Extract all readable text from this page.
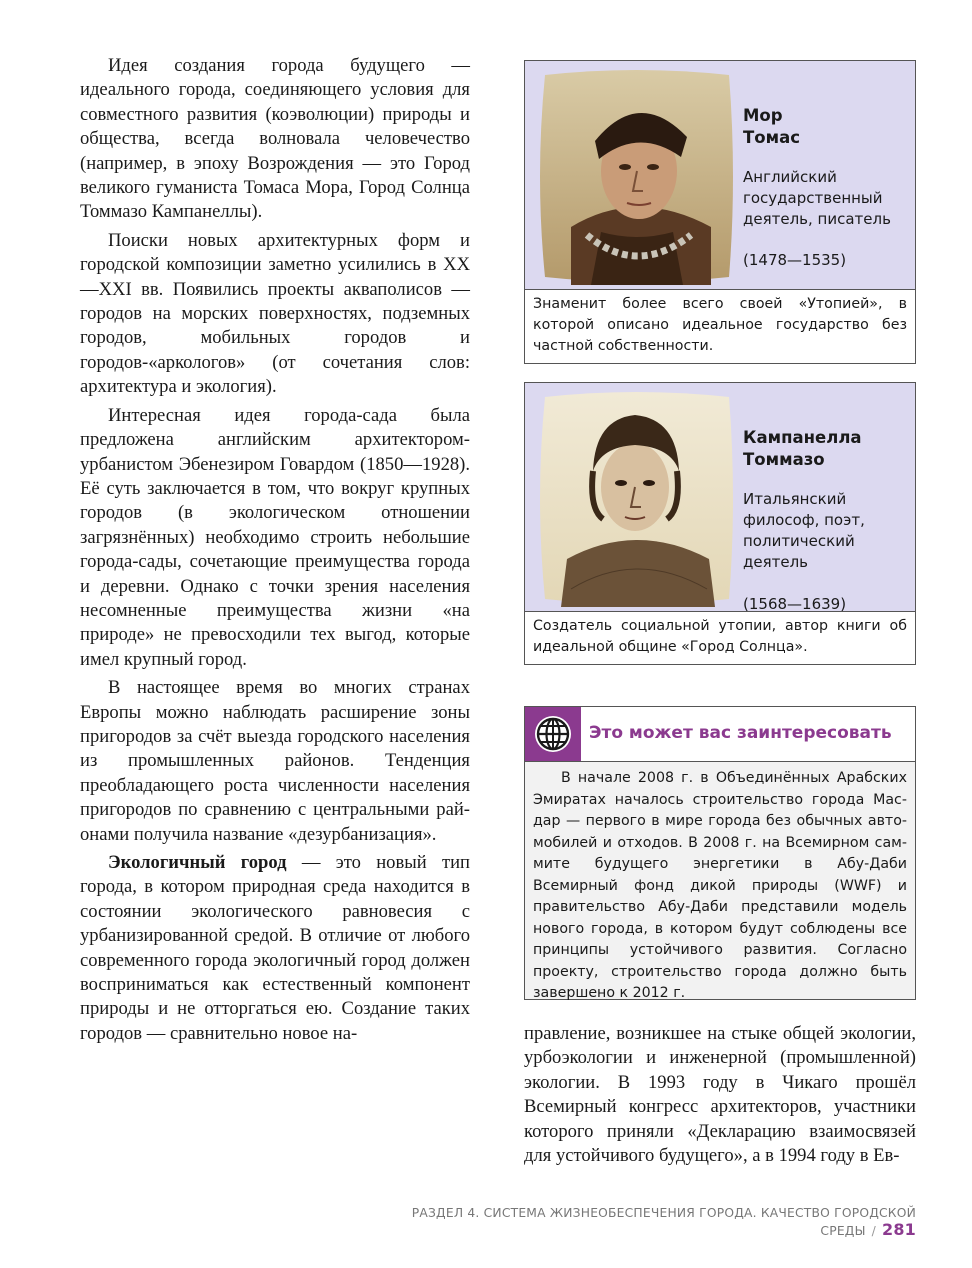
Идея создания города будущего — идеального города, соединяющего условия для совместного развития (коэволюции) природы и общества, всегда волновала человечество (например, в эпоху Возрождения — это Город великого гуманиста Томаса Мора, Город Солнца Томмазо Кампанеллы).

Поиски новых архитектурных форм и городской композиции заметно усилились в XX—XXI вв. Появились проекты акваполисов — городов на морских поверхностях, подземных городов, мобильных городов и городов-«аркологов» (от сочетания слов: архитектура и экология).

Интересная идея города-сада была предложена английским архитектором-урбанистом Эбенезиром Говардом (1850—1928). Её суть заключается в том, что вокруг крупных городов (в экологическом отношении загрязнённых) необходимо строить небольшие города-сады, сочетающие преимущества города и деревни. Однако с точки зрения населения несомненные преимущества жизни «на природе» не превосходили тех выгод, которые имел крупный город.

В настоящее время во многих странах Европы можно наблюдать расширение зоны пригородов за счёт выезда городского населения из промышленных районов. Тенденция преобладающего роста численности населения пригородов по сравнению с центральными районами получила название «дезурбанизация».

Экологичный город — это новый тип города, в котором природная среда находится в состоянии экологического равновесия с урбанизированной средой. В отличие от любого современного города экологичный город должен восприниматься как естественный компонент природы и не отторгаться ею. Создание таких городов — сравнительно новое на-

Мор
Томас
Английский государственный деятель, писатель
(1478—1535)
Знаменит более всего своей «Утопией», в которой описано идеальное государство без частной собственности.
Кампанелла
Томмазо
Итальянский философ, поэт, политический деятель
(1568—1639)
Создатель социальной утопии, автор книги об идеальной общине «Город Солнца».
Это может вас заинтересовать
В начале 2008 г. в Объединённых Арабских Эмиратах началось строительство города Масдар — первого в мире города без обычных автомобилей и отходов. В 2008 г. на Всемирном саммите будущего энергетики в Абу-Даби Всемирный фонд дикой природы (WWF) и правительство Абу-Даби представили модель нового города, в котором будут соблюдены все принципы устойчивого развития. Согласно проекту, строительство города должно быть завершено к 2012 г.

правление, возникшее на стыке общей экологии, урбоэкологии и инженерной (промышленной) экологии. В 1993 году в Чикаго прошёл Всемирный конгресс архитекторов, участники которого приняли «Декларацию взаимосвязей для устойчивого будущего», а в 1994 году в Ев-

РАЗДЕЛ 4. СИСТЕМА ЖИЗНЕОБЕСПЕЧЕНИЯ ГОРОДА. КАЧЕСТВО ГОРОДСКОЙ СРЕДЫ / 281
